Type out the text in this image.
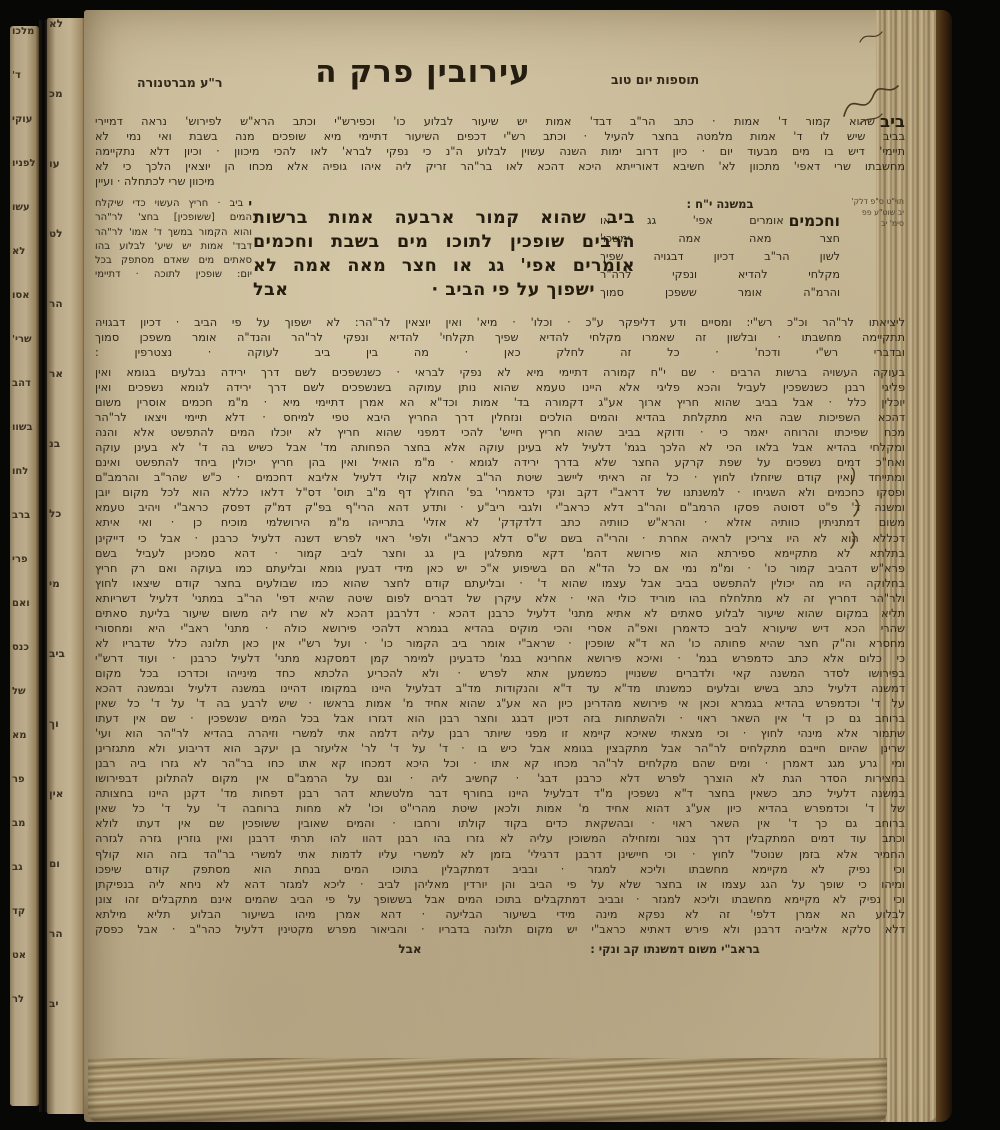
מלכו
ד'
עוקי
לפניו
עשו
לא
אסו
שרי'
דהב
בשוו
לחו
ברב
פרי
ואם
כנס
של
מא
פר
מב
גב
קד
אט
לר
לא
מכ
עו
לט
הר
אר
בנ
כל
מי
ביב
וך
אין
ום
הר
יב
ר"ע מברטנורה	עירובין פרק ה	תוספות יום טוב
ביב
שהוא קמור ד' אמות · כתב הר"ב דבד' אמות יש שיעור לבלוע כו' וכפירש"י וכתב הרא"ש לפירוש' נראה דמיירי
בביב שיש לו ד' אמות מלמטה בחצר להעיל · וכתב רש"י דכפים השיעור דתיימי מיא שופכים מנה בשבת ואי נמי לא
תיימי' דיש בו מים מבעוד יום · כיון דרוב ימות השנה עשוין לבלוע ה"נ כי נפקי לברא' לאו להכי מיכוון · וכיון דלא נתקיימה
מחשבתו שרי דאפי' מתכוון לא' חשיבא דאורייתא היכא דהכא לאו בר"הר זריק ליה איהו גופיה אלא מכחו הן יוצאין הלכך כי לא
מיכוון שרי לכתחלה · ועיין
תוי"ט ס"פ דלק'
יב שוט"ע פפ
סימ' יב
במשנה י"ח :
וחכמים
אומרים אפי' גג או
חצר מאה אמה ימשכו'
לשון הר"ב דכיון דבגויה שפיך
מקלחי להדיא ונפקי לרה"ר
והרמ"ה אומר ששפכן סמוך
ביב שהוא קמור ארבעה אמות ברשות
הרבים שופכין לתוכו מים בשבת וחכמים
אומרים אפי' גג או חצר מאה אמה לא
ישפוך על פי הביב ·
אבל
י
ביב · חריץ העשוי כדי שיקלח
המים [ששופכין] בחצ' לר"הר
והוא הקמור במשך ד' אמו' לר"הר
דבד' אמות יש שיע' לבלוע בהו
סאתים מים שאדם מסתפק בכל
יום: שופכין לתוכה · דתיימי
ליציאתו לר"הר וכ"כ רש"י: ומסיים ודע דליפקר ע"כ · וכלו' · מיא' ואין יוצאין לר"הר: לא ישפוך על פי הביב · דכיון דבגויה
תתקיימה מחשבתו · ובלשון זה שאמרו מקלחי להדיא שפיך תקלחי' להדיא ונפקי לר"הר והנד"ה אומר משפכן סמוך
ובדברי רש"י ודכח' · כל זה לחלק כאן · מה בין ביב לעוקה · נצטרפין :
בעוקה העשויה ברשות הרבים · שם י"ח קמורה דתיימי מיא לא נפקי לבראי · כשנשפכים לשם דרך ירידה נבלעים בגומא ואין
פליגי רבנן כשנשפכין לעביל והכא פליגי אלא היינו טעמא שהוא נותן עמוקה בשנשפכים לשם דרך ירידה לגומא נשפכים ואין
יוכלין כלל · אבל בביב שהוא חריץ ארוך אע"ג דקמורה בד' אמות וכד"א הא אמרן דתיימי מיא · מ"מ חכמים אוסרין משום
דהכא השפיכות שבה היא מתקלחת בהדיא והמים הולכים ונזחלין דרך החריץ היבא טפי למיחס · דלא תיימי ויצאו לר"הר
מכח שפיכתו והרוחה יאמר כי · ודוקא בביב שהוא חריץ חייש' להכי דמפני שהוא חריץ לא יוכלו המים להתפשט אלא והנה
ומקלחי בהדיא אבל בלאו הכי לא הלכך בגמ' דלעיל לא בעינן עוקה אלא בחצר הפחותה מד' אבל כשיש בה ד' לא בעינן עוקה
ואח"כ דמים נשפכים על שפת קרקע החצר שלא בדרך ירידה לגומא · מ"מ הואיל ואין בהן חריץ יכולין ביחד להתפשט ואינם
ומתייחד ואין קודם שיזחלו לחוץ · כל זה ראיתי ליישב שיטת הר"ב אלמא קולי דלעיל אליבא דחכמים · כ"ש שהר"ב והרמב"ם
ופסקו כחכמים ולא השגיחו · למשנתנו של דראב"י דקב ונקי כדאמרי' בפ' החולץ דף מ"ב תוס' דס"ל דלאו כללא הוא לכל מקום יובן
ומשנה ד' פ"ט דסוטה פסקו הרמב"ם והר"ב דלא כראב"י ולגבי ריב"ע · ותדע דהא הרי"ף בפ"ק דמ"ק דפסק כראב"י ויהיב טעמא
משום דמתניתין כוותיה אזלא · והרא"ש כוותיה כתב דלדקדק' לא אזלי' בתרייהו מ"מ הירושלמי מוכיח כן · ואי איתא
דכללא הוא לא היו צריכין לראיה אחרת · והרי"ה בשם ש"ס דלא כראב"י ולפי' ראוי לפרש דשנה דלעיל כרבנן · אבל כי דייקינן
בתלתא לא מתקיימא ספירתא הוא פירושא דהמ' דקא מתפלגין בין גג וחצר לביב קמור · דהא סמכינן לעביל בשם
פרא"ש דהביב קמור כו' · ומ"מ נמי אם כל הד"א הם בשיפוע א"כ יש כאן מידי דבעין גומא ובליעתם כמו בעוקה ואם רק חריץ
בחלוקה היו מה יכולין להתפשט בביב אבל עצמו שהוא ד' · ובליעתם קודם לחצר שהוא כמו שבולעים בחצר קודם שיצאו לחוץ
ולר"הר דחריץ זה לא מתלחלח בהו מוריד כולי האי · אלא עיקרן של דברים לפום שיטה שהיא דפי' הר"ב במתני' דלעיל דשריותא
תליא במקום שהוא שיעור לבלוע סאתים לא אתיא מתני' דלעיל כרבנן דהכא · דלרבנן דהכא לא שרו ליה משום שיעור בליעת סאתים
שהרי הכא דיש שיעורא לביב כדאמרן ואפ"ה אסרי והכי מוקים בהדיא בגמרא דלהכי פירושא כולה · מתני' ראב"י היא ומחסורי
מחסרא וה"ק חצר שהיא פחותה כו' הא ד"א שופכין · שראב"י אומר ביב הקמור כו' · ועל רש"י אין כאן תלונה כלל שדבריו לא
כי כלום אלא כתב כדמפרש בגמ' · ואיכא פירושא אחרינא בגמ' כדבעינן למימר קמן דמסקנא מתני' דלעיל כרבנן · ועוד דרש"י
בפירושו לסדר המשנה קאי ולדברים ששנויין כמשמען אתא לפרש · ולא להכריע הלכתא כחד מינייהו וכדרכו בכל מקום
דמשנה דלעיל כתב בשיש ובלעים כמשנתו מד"א עד ד"א והנקודות מד"ב דבלעיל היינו במקומו דהיינו במשנה דלעיל ובמשנה דהכא
על ד' וכדמפרש בהדיא בגמרא וכאן אי פירושא מהדרינן כיון הא אע"ג שהוא אחיד מ' אמות בראשו · שיש לרבע בה ד' על ד' כל שאין
ברוחב גם כן ד' אין השאר ראוי · ולהשתחות בזה דכיון דבגג וחצר רבנן הוא דגזרו אבל בכל המים שנשפכין · שם אין דעתו
שתמור אלא מינהי לחוץ · וכי מצאתי שאיכא קיימא זו מפני שיותר רבנן עליה דלמה אתי למשרי וזיהרה בהדיא לר"הר הוא ועי'
שרינן שהיום חייבם מתקלחים לר"הר אבל מתקבצין בגומא אבל כיש בו · ד' על ד' לר' אליעזר בן יעקב הוא דריבוע ולא מתגזרינן
ומי גרע מגג דאמרן · ומים שהם מקלחים לר"הר מכחו קא אתו · וכל היכא דמכחו קא אתו כחו בר"הר לא גזרו ביה רבנן
בחצירות הסדר הגת לא הוצרך לפרש דלא כרבנן דבג' · קחשיב ליה · וגם על הרמב"ם אין מקום להתלונן דבפירושו
במשנה דלעיל כתב כשאין בחצר ד"א נשפכין מ"ד דבלעיל היינו בחורף דבר מלטשתא דהר רבנן דפחות מד' דקנן היינו בחצותה
של ד' וכדמפרש בהדיא כיון אע"ג דהוא אחיד מ' אמות ולכאן שיטת מהרי"ט וכו' לא מחות ברוחבה ד' על ד' כל שאין
ברוחב גם כך ד' אין השאר ראוי · ובהשקאת כדים בקוד קולתו ורחבו · והמים שאובין ששופכין שם אין דעתו לולא
וכתב עוד דמים המתקבלין דרך צנור ומזחילה המשוכין עליה לא גזרו בהו רבנן דהוו להו תרתי דרבנן ואין גוזרין גזרה לגזרה
החמיר אלא בזמן שנוטל' לחוץ · וכי חיישינן דרבנן דרגילי' בזמן לא למשרי עליו לדמות אתי למשרי בר"הד בזה הוא קולף
וכי נפיק לא מקיימא מחשבתו וליכא למגזר · ובביב דמתקבלין בתוכו המים בנחת הוא מסתפק קודם שיפכו
ומיהו כי שופך על הגג עצמו או בחצר שלא על פי הביב והן יורדין מאליהן לביב · ליכא למגזר דהא לא ניחא ליה בנפיקתן
וכי נפיק לא מקיימא מחשבתו וליכא למגזר · ובביב דמתקבלים בתוכו המים אבל בששופך על פי הביב שהמים אינם מתקבלים זהו צונן
לבלוע הא אמרן דלפי' זה לא נפקא מינה מידי בשיעור הבליעה · דהא אמרן מיהו בשיעור הבלוע תליא מילתא
דלא סלקא אליביה דרבנן ולא פירש דאתיא כראב"י יש מקום תלונה בדבריו · והביאור מפרש מקטינין דלעיל כהר"ב · אבל כפסק
בראב"י משום דמשנתו קב ונקי :
אבל
